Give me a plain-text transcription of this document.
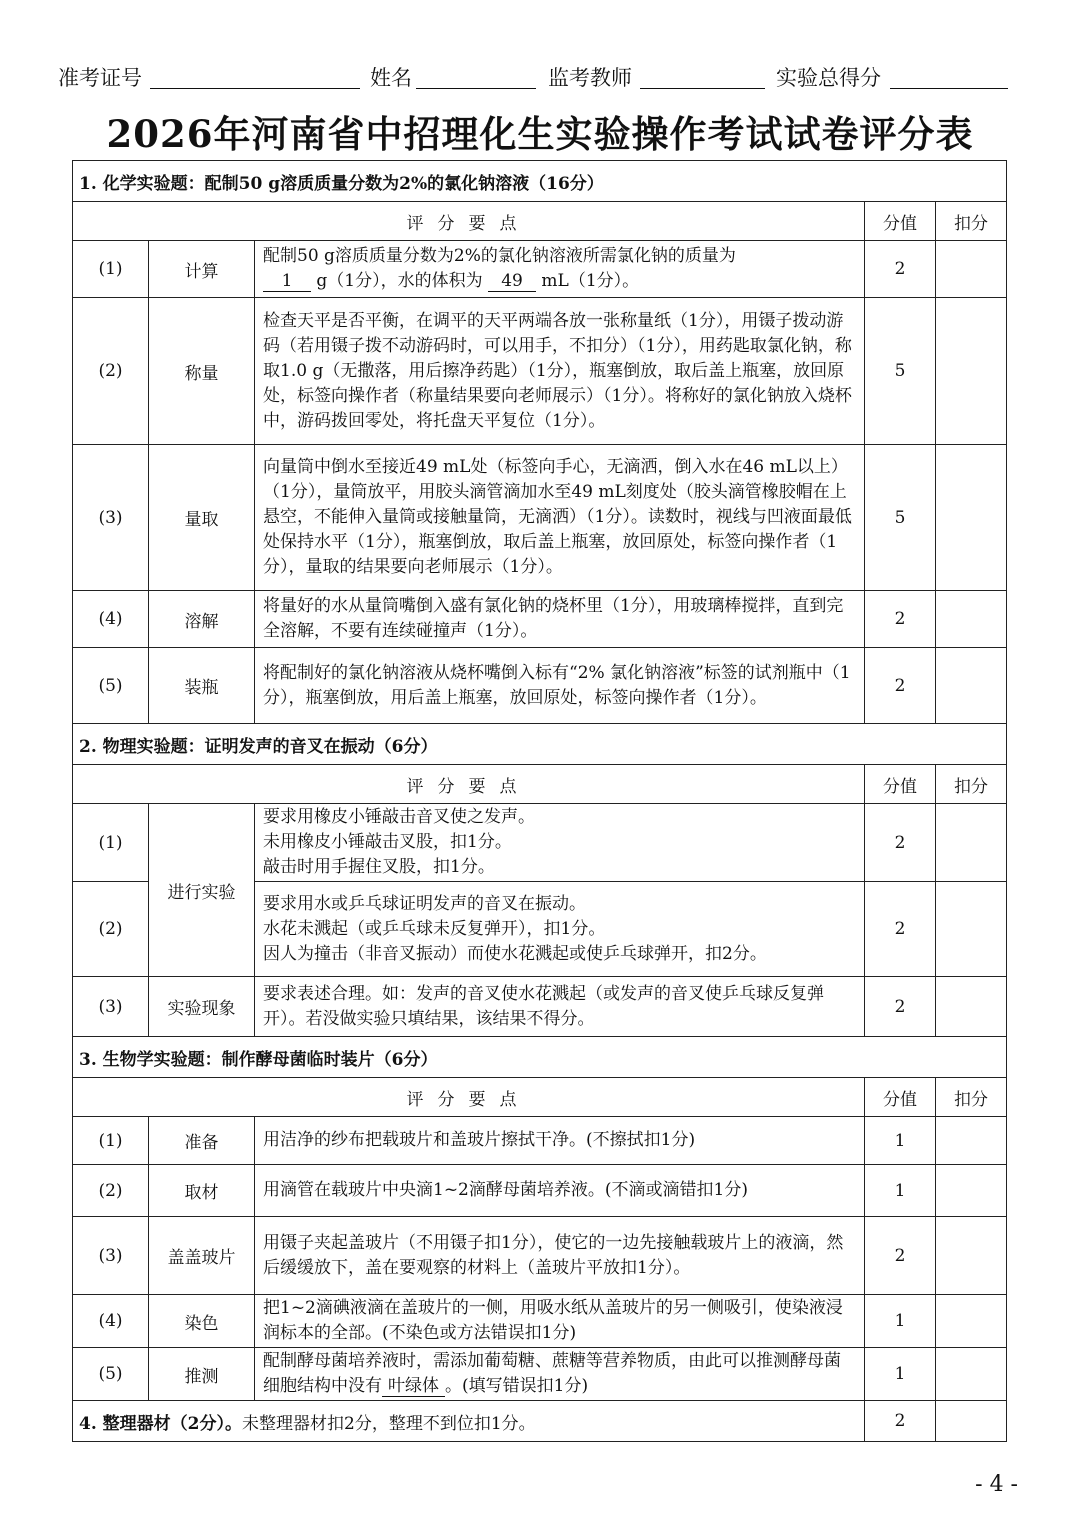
准考证号	姓名	监考教师	实验总得分
2026年河南省中招理化生实验操作考试试卷评分表
1. 化学实验题：配制50 g溶质质量分数为2%的氯化钠溶液（16分）				
评分要点			分值	扣分
(1)	计算	配制50 g溶质质量分数为2%的氯化钠溶液所需氯化钠的质量为
1 g（1分），水的体积为 49 mL（1分）。	2	
(2)	称量	检查天平是否平衡，在调平的天平两端各放一张称量纸（1分），用镊子拨动游码（若用镊子拨不动游码时，可以用手，不扣分）（1分），用药匙取氯化钠，称取1.0 g（无撒落，用后擦净药匙）（1分），瓶塞倒放，取后盖上瓶塞，放回原处，标签向操作者（称量结果要向老师展示）（1分）。将称好的氯化钠放入烧杯中，游码拨回零处，将托盘天平复位（1分）。	5	
(3)	量取	向量筒中倒水至接近49 mL处（标签向手心，无滴洒，倒入水在46 mL以上）（1分），量筒放平，用胶头滴管滴加水至49 mL刻度处（胶头滴管橡胶帽在上悬空，不能伸入量筒或接触量筒，无滴洒）（1分）。读数时，视线与凹液面最低处保持水平（1分），瓶塞倒放，取后盖上瓶塞，放回原处，标签向操作者（1分），量取的结果要向老师展示（1分）。	5	
(4)	溶解	将量好的水从量筒嘴倒入盛有氯化钠的烧杯里（1分），用玻璃棒搅拌，直到完全溶解，不要有连续碰撞声（1分）。	2	
(5)	装瓶	将配制好的氯化钠溶液从烧杯嘴倒入标有“2% 氯化钠溶液”标签的试剂瓶中（1分），瓶塞倒放，用后盖上瓶塞，放回原处，标签向操作者（1分）。	2	
2. 物理实验题：证明发声的音叉在振动（6分）				
评分要点			分值	扣分
(1)	进行实验	要求用橡皮小锤敲击音叉使之发声。
未用橡皮小锤敲击叉股，扣1分。
敲击时用手握住叉股，扣1分。	2	
(2)		要求用水或乒乓球证明发声的音叉在振动。
水花未溅起（或乒乓球未反复弹开），扣1分。
因人为撞击（非音叉振动）而使水花溅起或使乒乓球弹开，扣2分。	2	
(3)	实验现象	要求表述合理。如：发声的音叉使水花溅起（或发声的音叉使乒乓球反复弹开）。若没做实验只填结果，该结果不得分。	2	
3. 生物学实验题：制作酵母菌临时装片（6分）				
评分要点			分值	扣分
(1)	准备	用洁净的纱布把载玻片和盖玻片擦拭干净。(不擦拭扣1分)	1	
(2)	取材	用滴管在载玻片中央滴1~2滴酵母菌培养液。(不滴或滴错扣1分)	1	
(3)	盖盖玻片	用镊子夹起盖玻片（不用镊子扣1分），使它的一边先接触载玻片上的液滴，然后缓缓放下，盖在要观察的材料上（盖玻片平放扣1分）。	2	
(4)	染色	把1~2滴碘液滴在盖玻片的一侧，用吸水纸从盖玻片的另一侧吸引，使染液浸润标本的全部。(不染色或方法错误扣1分)	1	
(5)	推测	配制酵母菌培养液时，需添加葡萄糖、蔗糖等营养物质，由此可以推测酵母菌细胞结构中没有 叶绿体 。(填写错误扣1分)	1	
4. 整理器材（2分）。未整理器材扣2分，整理不到位扣1分。			2	
- 4 -
